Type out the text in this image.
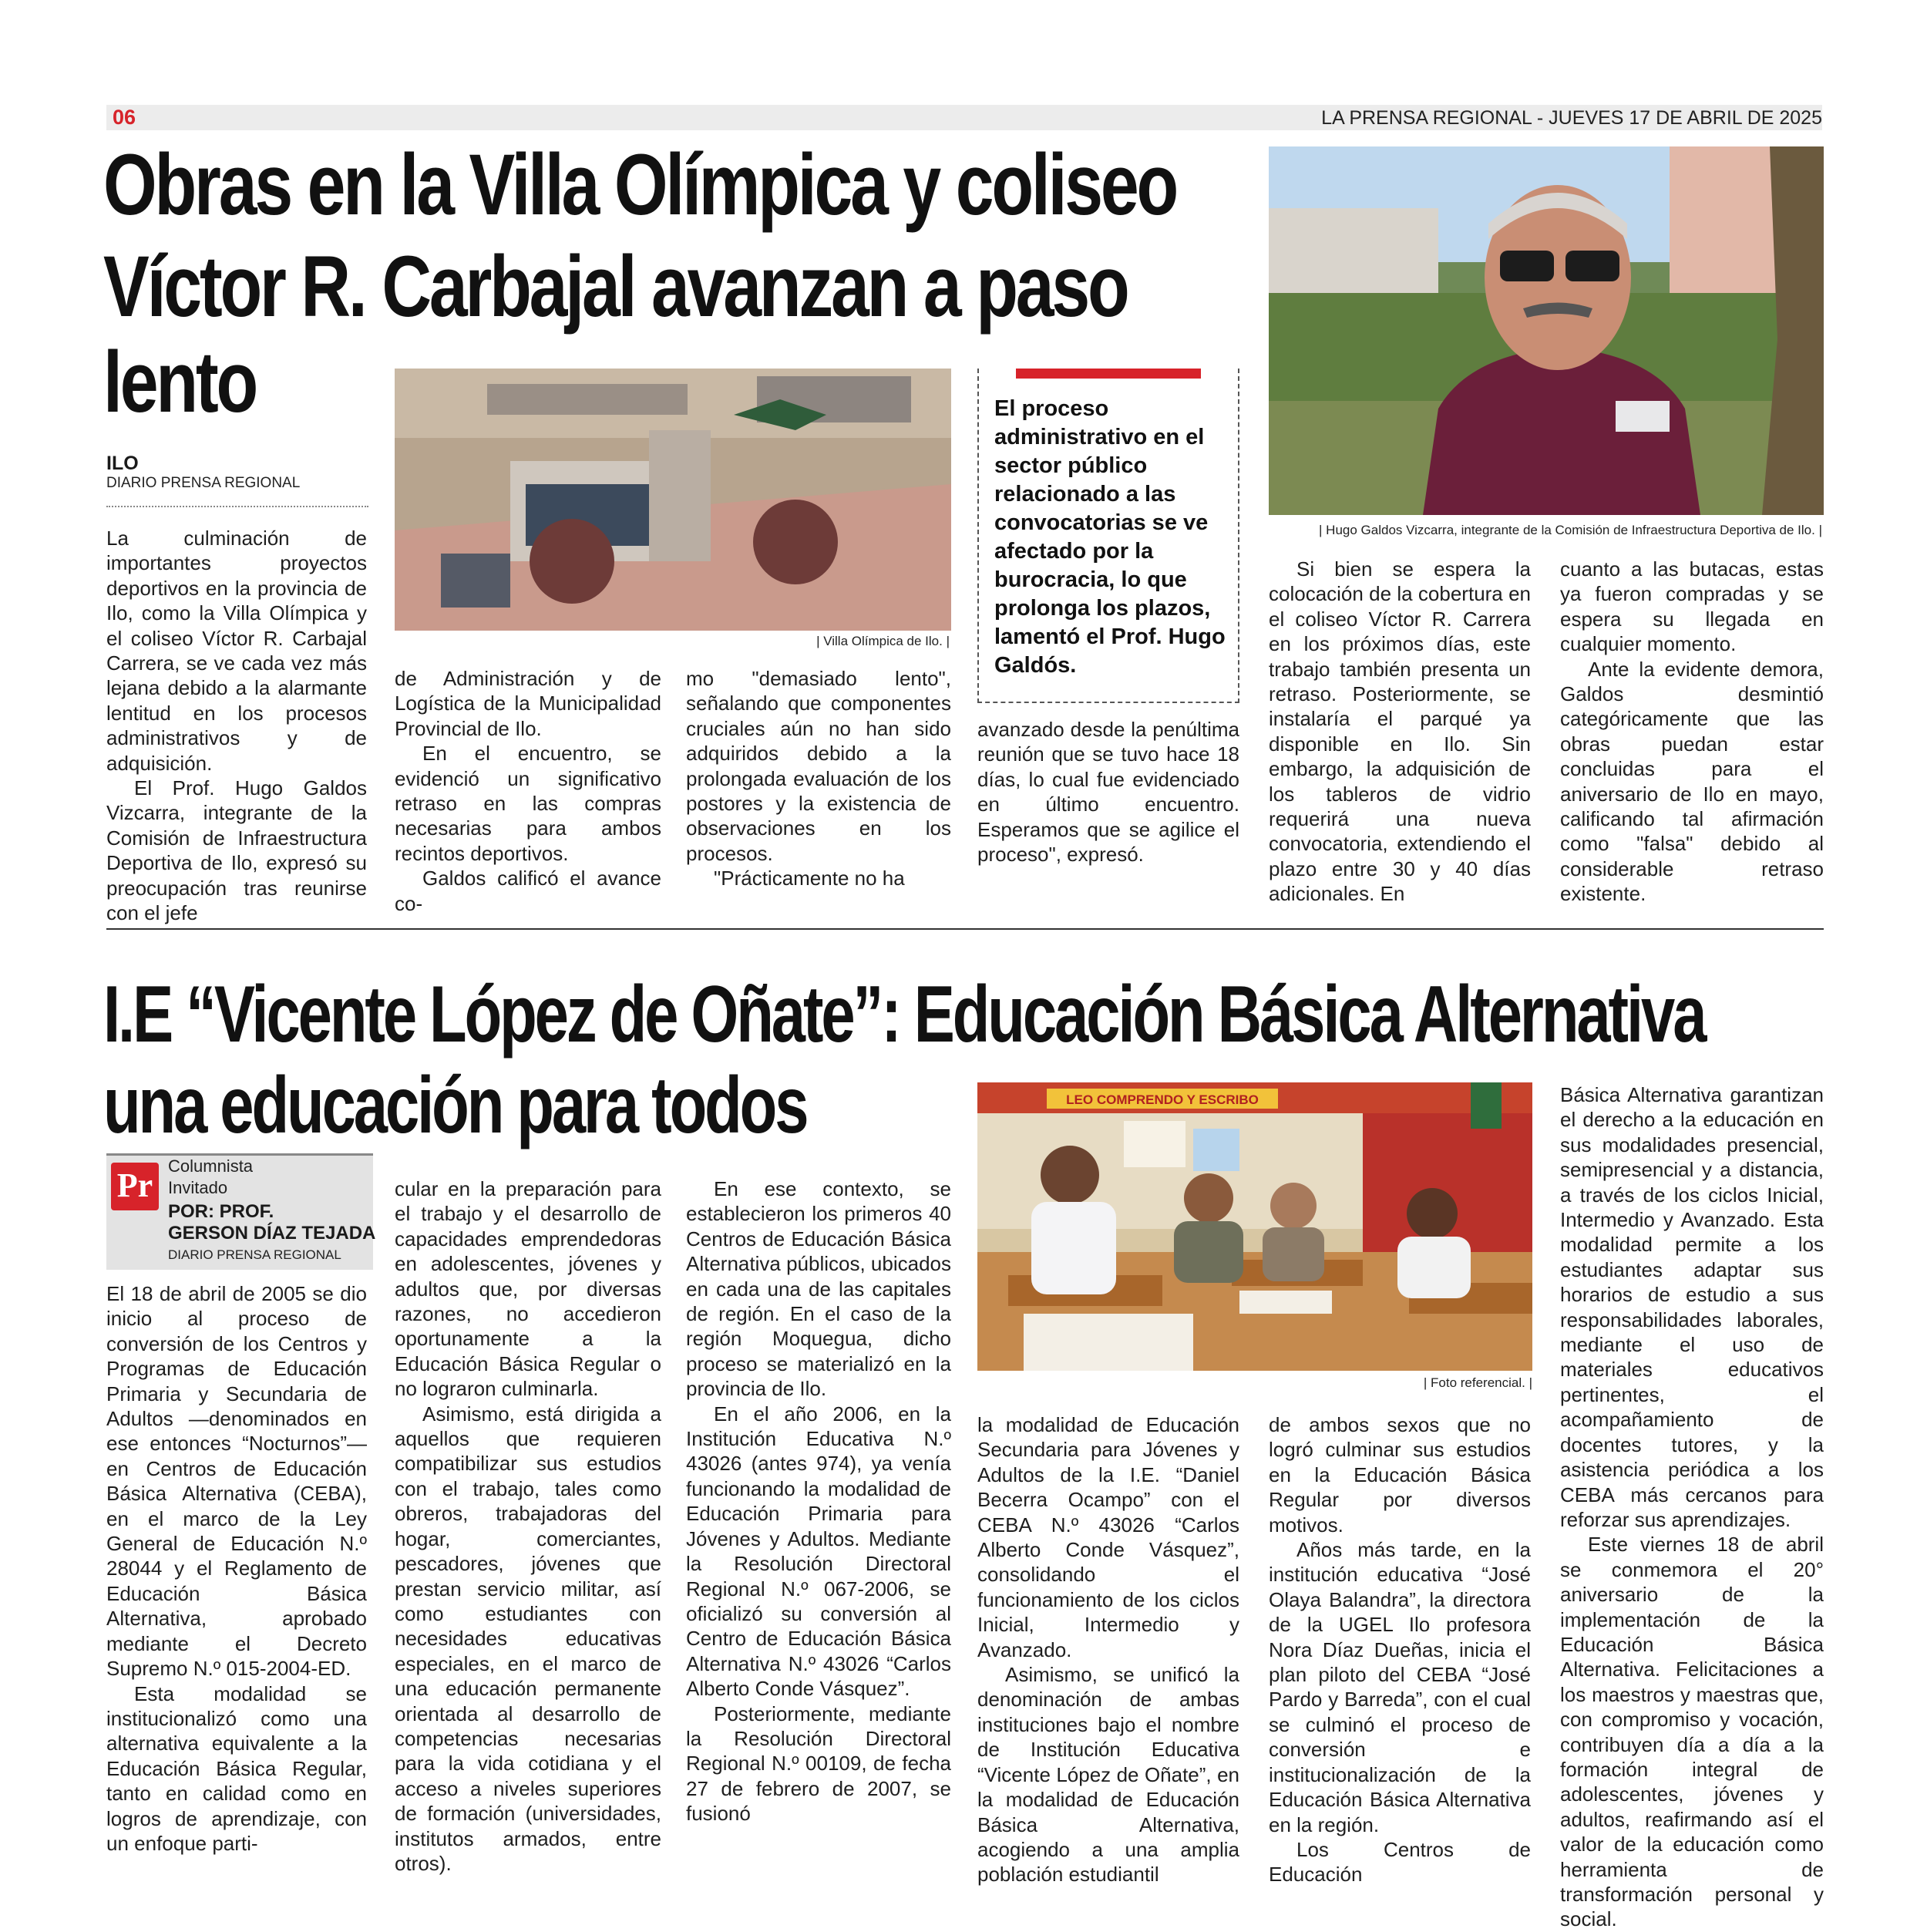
06	LA PRENSA REGIONAL - JUEVES 17 DE ABRIL DE 2025
Obras en la Villa Olímpica y coliseo
Víctor R. Carbajal avanzan a paso
lento
ILO
DIARIO PRENSA REGIONAL

La culminación de importantes proyectos deportivos en la provincia de Ilo, como la Villa Olímpica y el coliseo Víctor R. Carbajal Carrera, se ve cada vez más lejana debido a la alarmante lentitud en los procesos administrativos y de adquisición.

El Prof. Hugo Galdos Vizcarra, integrante de la Comisión de Infraestructura Deportiva de Ilo, expresó su preocupación tras reunirse con el jefe

| Villa Olímpica de Ilo. |

de Administración y de Logística de la Municipalidad Provincial de Ilo.

En el encuentro, se evidenció un significativo retraso en las compras necesarias para ambos recintos deportivos.

Galdos calificó el avance co-

mo "demasiado lento", señalando que componentes cruciales aún no han sido adquiridos debido a la prolongada evaluación de los postores y la existencia de observaciones en los procesos.

"Prácticamente no ha

El proceso administrativo en el sector público relacionado a las convocatorias se ve afectado por la burocracia, lo que prolonga los plazos, lamentó el Prof. Hugo Galdós.

avanzado desde la penúltima reunión que se tuvo hace 18 días, lo cual fue evidenciado en último encuentro. Esperamos que se agilice el proceso", expresó.

| Hugo Galdos Vizcarra, integrante de la Comisión de Infraestructura Deportiva de Ilo. |

Si bien se espera la colocación de la cobertura en el coliseo Víctor R. Carrera en los próximos días, este trabajo también presenta un retraso. Posteriormente, se instalaría el parqué ya disponible en Ilo. Sin embargo, la adquisición de los tableros de vidrio requerirá una nueva convocatoria, extendiendo el plazo entre 30 y 40 días adicionales. En

cuanto a las butacas, estas ya fueron compradas y se espera su llegada en cualquier momento.

Ante la evidente demora, Galdos desmintió categóricamente que las obras puedan estar concluidas para el aniversario de Ilo en mayo, calificando tal afirmación como "falsa" debido al considerable retraso existente.

I.E “Vicente López de Oñate”: Educación Básica Alternativa
una educación para todos
Pr
Columnista
Invitado
POR: PROF.
GERSON DÍAZ TEJADA
DIARIO PRENSA REGIONAL

El 18 de abril de 2005 se dio inicio al proceso de conversión de los Centros y Programas de Educación Primaria y Secundaria de Adultos —denominados en ese entonces “Nocturnos”— en Centros de Educación Básica Alternativa (CEBA), en el marco de la Ley General de Educación N.º 28044 y el Reglamento de Educación Básica Alternativa, aprobado mediante el Decreto Supremo N.º 015-2004-ED.

Esta modalidad se institucionalizó como una alternativa equivalente a la Educación Básica Regular, tanto en calidad como en logros de aprendizaje, con un enfoque parti-

cular en la preparación para el trabajo y el desarrollo de capacidades emprendedoras en adolescentes, jóvenes y adultos que, por diversas razones, no accedieron oportunamente a la Educación Básica Regular o no lograron culminarla.

Asimismo, está dirigida a aquellos que requieren compatibilizar sus estudios con el trabajo, tales como obreros, trabajadoras del hogar, comerciantes, pescadores, jóvenes que prestan servicio militar, así como estudiantes con necesidades educativas especiales, en el marco de una educación permanente orientada al desarrollo de competencias necesarias para la vida cotidiana y el acceso a niveles superiores de formación (universidades, institutos armados, entre otros).

En ese contexto, se establecieron los primeros 40 Centros de Educación Básica Alternativa públicos, ubicados en cada una de las capitales de región. En el caso de la región Moquegua, dicho proceso se materializó en la provincia de Ilo.

En el año 2006, en la Institución Educativa N.º 43026 (antes 974), ya venía funcionando la modalidad de Educación Primaria para Jóvenes y Adultos. Mediante la Resolución Directoral Regional N.º 067-2006, se oficializó su conversión al Centro de Educación Básica Alternativa N.º 43026 “Carlos Alberto Conde Vásquez”.

Posteriormente, mediante la Resolución Directoral Regional N.º 00109, de fecha 27 de febrero de 2007, se fusionó

LEO COMPRENDO Y ESCRIBO
| Foto referencial. |

la modalidad de Educación Secundaria para Jóvenes y Adultos de la I.E. “Daniel Becerra Ocampo” con el CEBA N.º 43026 “Carlos Alberto Conde Vásquez”, consolidando el funcionamiento de los ciclos Inicial, Intermedio y Avanzado.

Asimismo, se unificó la denominación de ambas instituciones bajo el nombre de Institución Educativa “Vicente López de Oñate”, en la modalidad de Educación Básica Alternativa, acogiendo a una amplia población estudiantil

de ambos sexos que no logró culminar sus estudios en la Educación Básica Regular por diversos motivos.

Años más tarde, en la institución educativa “José Olaya Balandra”, la directora de la UGEL Ilo profesora Nora Díaz Dueñas, inicia el plan piloto del CEBA “José Pardo y Barreda”, con el cual se culminó el proceso de conversión e institucionalización de la Educación Básica Alternativa en la región.

Los Centros de Educación

Básica Alternativa garantizan el derecho a la educación en sus modalidades presencial, semipresencial y a distancia, a través de los ciclos Inicial, Intermedio y Avanzado. Esta modalidad permite a los estudiantes adaptar sus horarios de estudio a sus responsabilidades laborales, mediante el uso de materiales educativos pertinentes, el acompañamiento de docentes tutores, y la asistencia periódica a los CEBA más cercanos para reforzar sus aprendizajes.

Este viernes 18 de abril se conmemora el 20° aniversario de la implementación de la Educación Básica Alternativa. Felicitaciones a los maestros y maestras que, con compromiso y vocación, contribuyen día a día a la formación integral de adolescentes, jóvenes y adultos, reafirmando así el valor de la educación como herramienta de transformación personal y social.
